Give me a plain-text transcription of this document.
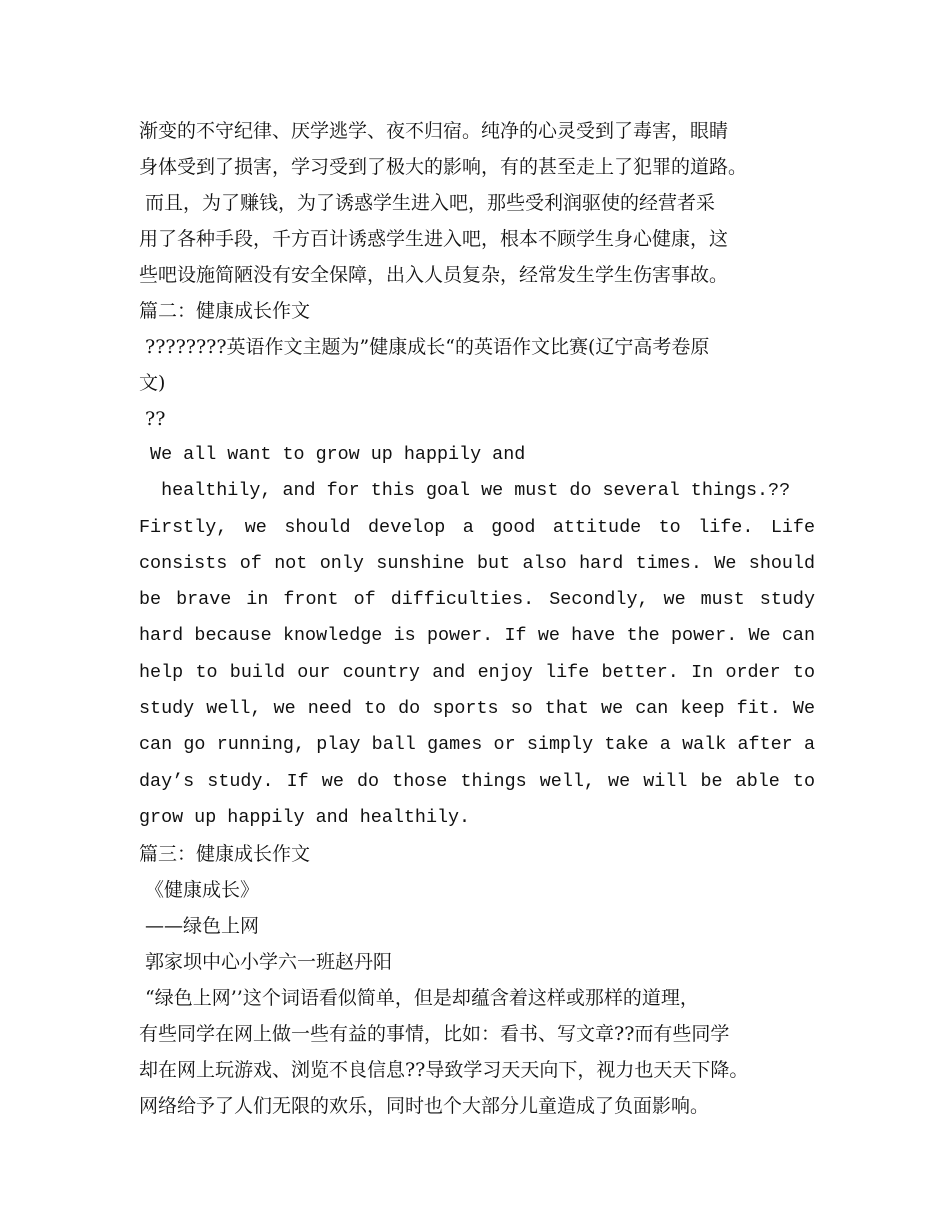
渐变的不守纪律、厌学逃学、夜不归宿。纯净的心灵受到了毒害，眼睛
身体受到了损害，学习受到了极大的影响，有的甚至走上了犯罪的道路。
而且，为了赚钱，为了诱惑学生进入吧，那些受利润驱使的经营者采
用了各种手段，千方百计诱惑学生进入吧，根本不顾学生身心健康，这
些吧设施简陋没有安全保障，出入人员复杂，经常发生学生伤害事故。
篇二：健康成长作文
????????英语作文主题为”健康成长“的英语作文比赛(辽宁高考卷原
文)
??
We all want to grow up happily and
healthily, and for this goal we must do several things.??
Firstly, we should develop a good attitude to life. Life
consists of not only sunshine but also hard times. We should
be brave in front of difficulties. Secondly, we must study
hard because knowledge is power. If we have the power. We can
help to build our country and enjoy life better. In order to
study well, we need to do sports so that we can keep fit. We
can go running, play ball games or simply take a walk after a
day’s study. If we do those things well, we will be able to
grow up happily and healthily.
篇三：健康成长作文
《健康成长》
——绿色上网
郭家坝中心小学六一班赵丹阳
“绿色上网’’这个词语看似简单，但是却蕴含着这样或那样的道理，
有些同学在网上做一些有益的事情，比如：看书、写文章??而有些同学
却在网上玩游戏、浏览不良信息??导致学习天天向下，视力也天天下降。
网络给予了人们无限的欢乐，同时也个大部分儿童造成了负面影响。
